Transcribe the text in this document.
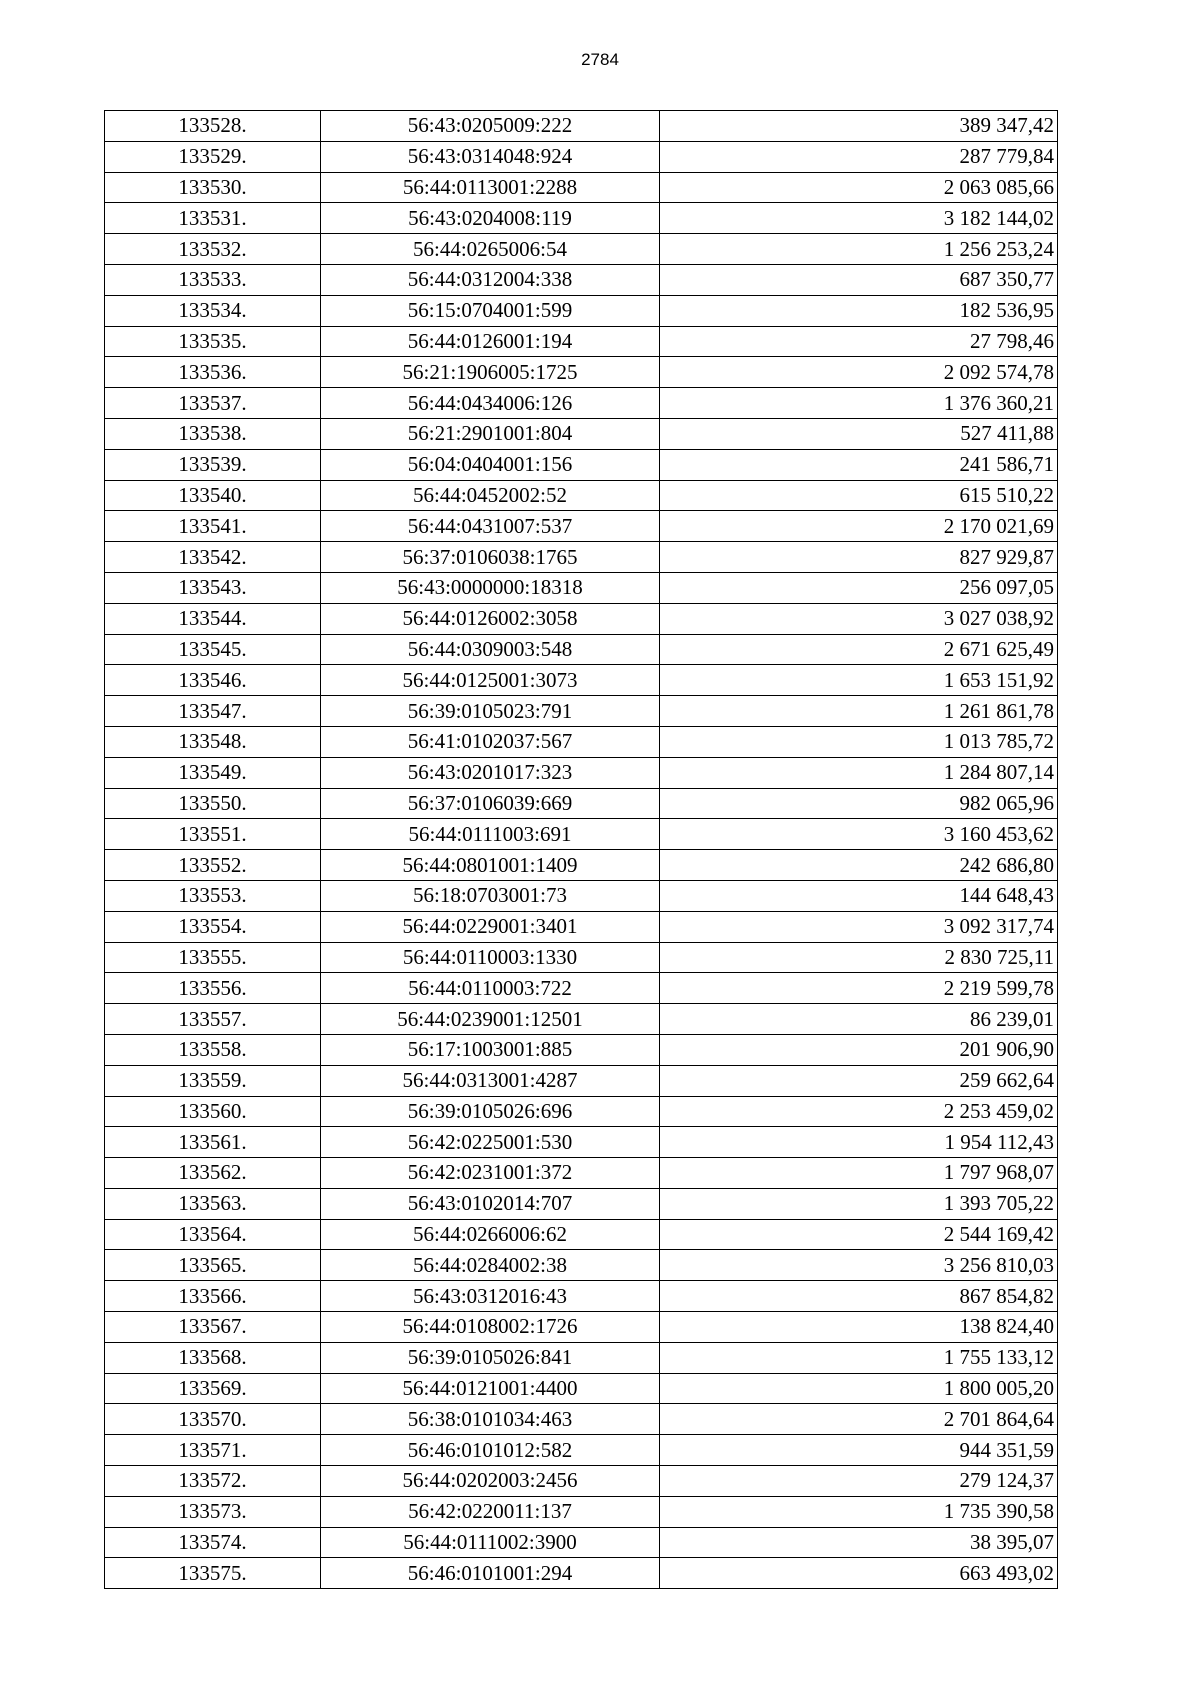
2784
133528.	56:43:0205009:222	389 347,42
133529.	56:43:0314048:924	287 779,84
133530.	56:44:0113001:2288	2 063 085,66
133531.	56:43:0204008:119	3 182 144,02
133532.	56:44:0265006:54	1 256 253,24
133533.	56:44:0312004:338	687 350,77
133534.	56:15:0704001:599	182 536,95
133535.	56:44:0126001:194	27 798,46
133536.	56:21:1906005:1725	2 092 574,78
133537.	56:44:0434006:126	1 376 360,21
133538.	56:21:2901001:804	527 411,88
133539.	56:04:0404001:156	241 586,71
133540.	56:44:0452002:52	615 510,22
133541.	56:44:0431007:537	2 170 021,69
133542.	56:37:0106038:1765	827 929,87
133543.	56:43:0000000:18318	256 097,05
133544.	56:44:0126002:3058	3 027 038,92
133545.	56:44:0309003:548	2 671 625,49
133546.	56:44:0125001:3073	1 653 151,92
133547.	56:39:0105023:791	1 261 861,78
133548.	56:41:0102037:567	1 013 785,72
133549.	56:43:0201017:323	1 284 807,14
133550.	56:37:0106039:669	982 065,96
133551.	56:44:0111003:691	3 160 453,62
133552.	56:44:0801001:1409	242 686,80
133553.	56:18:0703001:73	144 648,43
133554.	56:44:0229001:3401	3 092 317,74
133555.	56:44:0110003:1330	2 830 725,11
133556.	56:44:0110003:722	2 219 599,78
133557.	56:44:0239001:12501	86 239,01
133558.	56:17:1003001:885	201 906,90
133559.	56:44:0313001:4287	259 662,64
133560.	56:39:0105026:696	2 253 459,02
133561.	56:42:0225001:530	1 954 112,43
133562.	56:42:0231001:372	1 797 968,07
133563.	56:43:0102014:707	1 393 705,22
133564.	56:44:0266006:62	2 544 169,42
133565.	56:44:0284002:38	3 256 810,03
133566.	56:43:0312016:43	867 854,82
133567.	56:44:0108002:1726	138 824,40
133568.	56:39:0105026:841	1 755 133,12
133569.	56:44:0121001:4400	1 800 005,20
133570.	56:38:0101034:463	2 701 864,64
133571.	56:46:0101012:582	944 351,59
133572.	56:44:0202003:2456	279 124,37
133573.	56:42:0220011:137	1 735 390,58
133574.	56:44:0111002:3900	38 395,07
133575.	56:46:0101001:294	663 493,02
